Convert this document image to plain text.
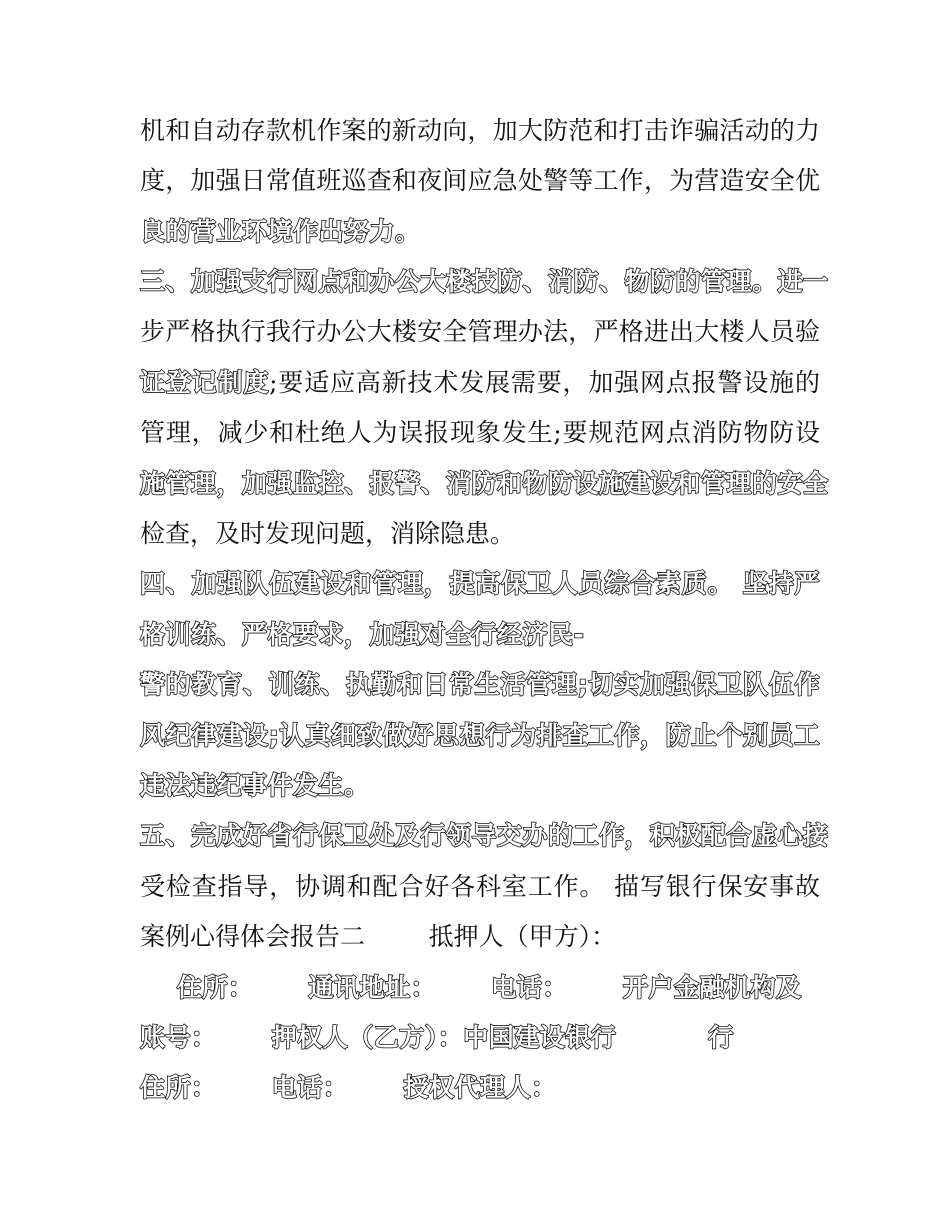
机和自动存款机作案的新动向，加大防范和打击诈骗活动的力
度，加强日常值班巡查和夜间应急处警等工作，为营造安全优
良的营业环境作出努力。
三、加强支行网点和办公大楼技防、消防、物防的管理。进一
步严格执行我行办公大楼安全管理办法，严格进出大楼人员验
证登记制度;要适应高新技术发展需要，加强网点报警设施的
管理，减少和杜绝人为误报现象发生;要规范网点消防物防设
施管理，加强监控、报警、消防和物防设施建设和管理的安全
检查，及时发现问题，消除隐患。
四、加强队伍建设和管理，提高保卫人员综合素质。 坚持严
格训练、严格要求，加强对全行经济民-
警的教育、训练、执勤和日常生活管理;切实加强保卫队伍作
风纪律建设;认真细致做好思想行为排查工作，防止个别员工
违法违纪事件发生。
五、完成好省行保卫处及行领导交办的工作，积极配合虚心接
受检查指导，协调和配合好各科室工作。 描写银行保安事故
案例心得体会报告二        抵押人（甲方）：
住所：      通讯地址：      电话：      开户金融机构及
账号：      押权人（乙方）：中国建设银行          行
住所：      电话：      授权代理人：
